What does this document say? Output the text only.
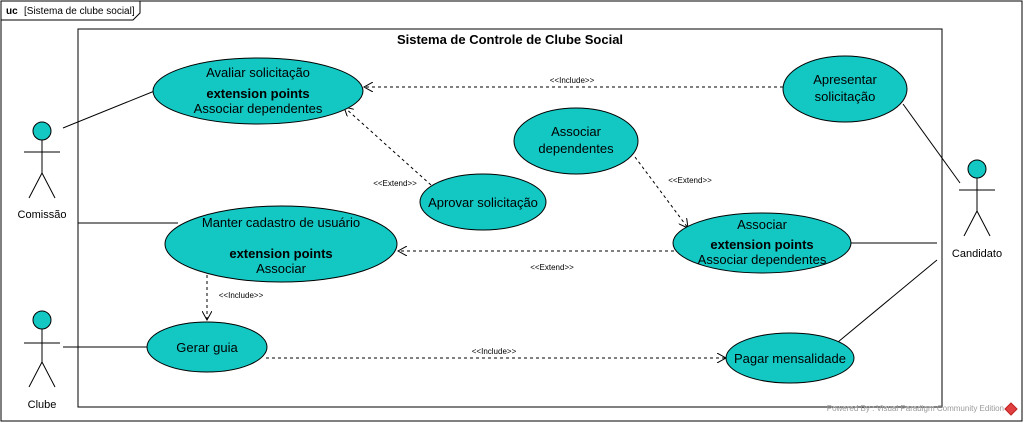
uc [Sistema de clube social]
Sistema de Controle de Clube Social
<<Include>>
<<Extend>>	<<Extend>>
<<Extend>>
<<Include>>
<<Include>>
Avaliar solicitação
extension points
Associar dependentes
Apresentar
solicitação
Associar
dependentes
Aprovar solicitação
Manter cadastro de usuário
extension points
Associar
Associar
extension points
Associar dependentes
Gerar guia
Pagar mensalidade
Comissão
Clube
Candidato
Powered By : Visual Paradigm Community Edition
